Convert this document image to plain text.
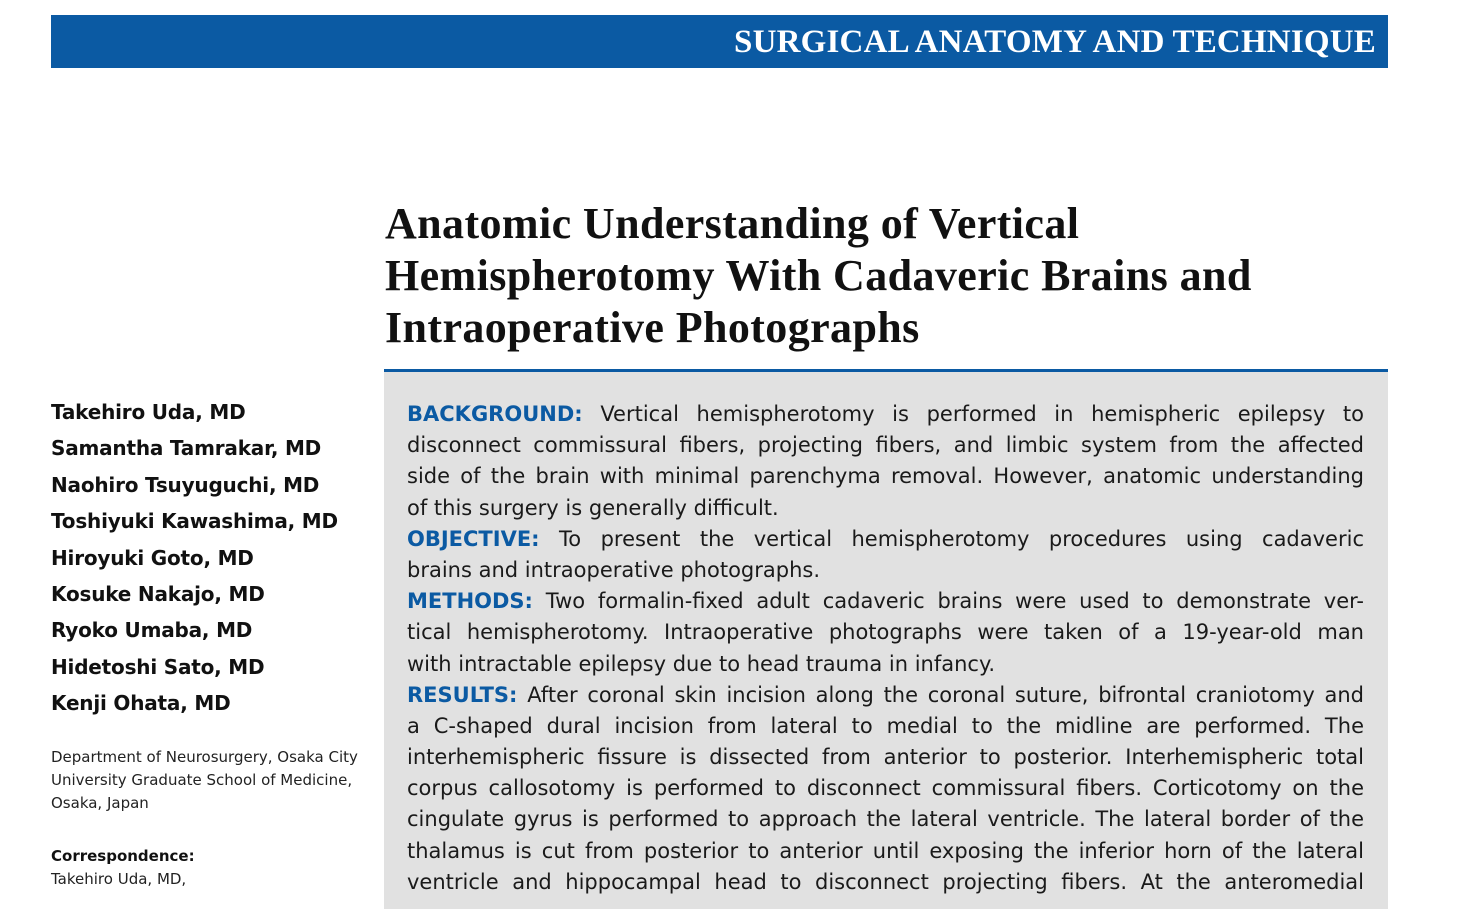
SURGICAL ANATOMY AND TECHNIQUE
Anatomic Understanding of Vertical
Hemispherotomy With Cadaveric Brains and
Intraoperative Photographs
Takehiro Uda, MD
Samantha Tamrakar, MD
Naohiro Tsuyuguchi, MD
Toshiyuki Kawashima, MD
Hiroyuki Goto, MD
Kosuke Nakajo, MD
Ryoko Umaba, MD
Hidetoshi Sato, MD
Kenji Ohata, MD
Department of Neurosurgery, Osaka City
University Graduate School of Medicine,
Osaka, Japan
Correspondence:
Takehiro Uda, MD,
BACKGROUND: Vertical hemispherotomy is performed in hemispheric epilepsy to
disconnect commissural fibers, projecting fibers, and limbic system from the affected
side of the brain with minimal parenchyma removal. However, anatomic understanding
of this surgery is generally difficult.
OBJECTIVE: To present the vertical hemispherotomy procedures using cadaveric
brains and intraoperative photographs.
METHODS: Two formalin-fixed adult cadaveric brains were used to demonstrate ver-
tical hemispherotomy. Intraoperative photographs were taken of a 19-year-old man
with intractable epilepsy due to head trauma in infancy.
RESULTS: After coronal skin incision along the coronal suture, bifrontal craniotomy and
a C-shaped dural incision from lateral to medial to the midline are performed. The
interhemispheric fissure is dissected from anterior to posterior. Interhemispheric total
corpus callosotomy is performed to disconnect commissural fibers. Corticotomy on the
cingulate gyrus is performed to approach the lateral ventricle. The lateral border of the
thalamus is cut from posterior to anterior until exposing the inferior horn of the lateral
ventricle and hippocampal head to disconnect projecting fibers. At the anteromedial
